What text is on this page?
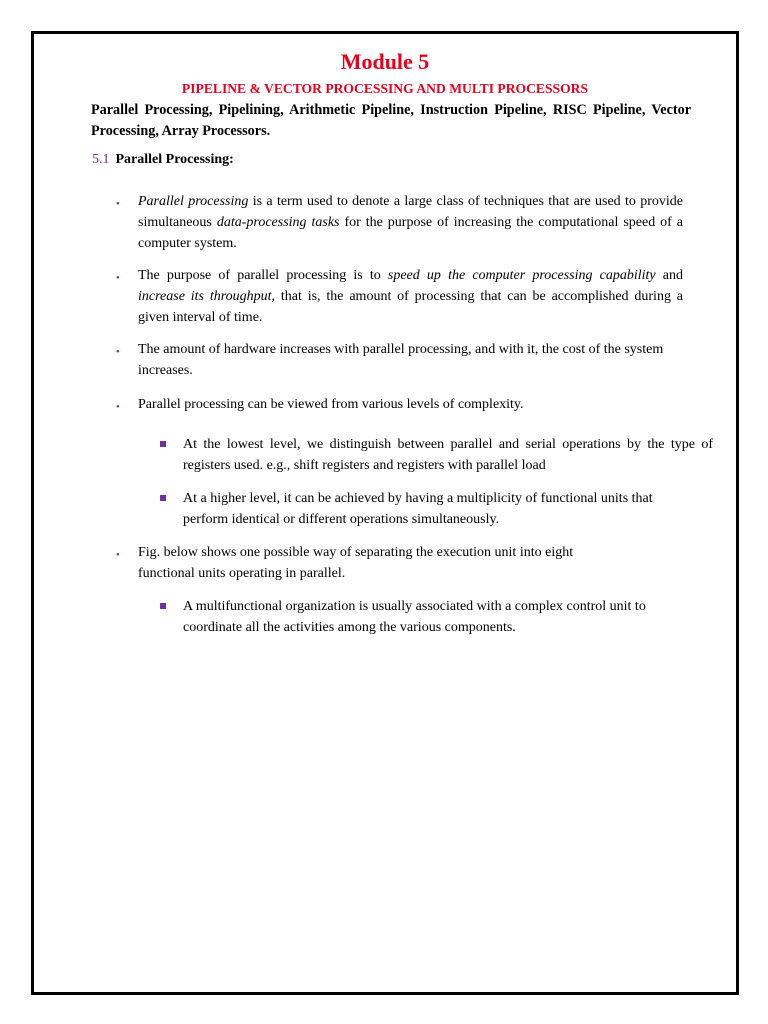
Module 5
PIPELINE & VECTOR PROCESSING AND MULTI PROCESSORS
Parallel Processing, Pipelining, Arithmetic Pipeline, Instruction Pipeline, RISC Pipeline, Vector Processing, Array Processors.
5.1 Parallel Processing:
• Parallel processing is a term used to denote a large class of techniques that are used to provide simultaneous data-processing tasks for the purpose of increasing the computational speed of a computer system.
• The purpose of parallel processing is to speed up the computer processing capability and increase its throughput, that is, the amount of processing that can be accomplished during a given interval of time.
• The amount of hardware increases with parallel processing, and with it, the cost of the system increases.
• Parallel processing can be viewed from various levels of complexity.
At the lowest level, we distinguish between parallel and serial operations by the type of registers used. e.g., shift registers and registers with parallel load
At a higher level, it can be achieved by having a multiplicity of functional units that perform identical or different operations simultaneously.
• Fig. below shows one possible way of separating the execution unit into eight functional units operating in parallel.
A multifunctional organization is usually associated with a complex control unit to coordinate all the activities among the various components.
